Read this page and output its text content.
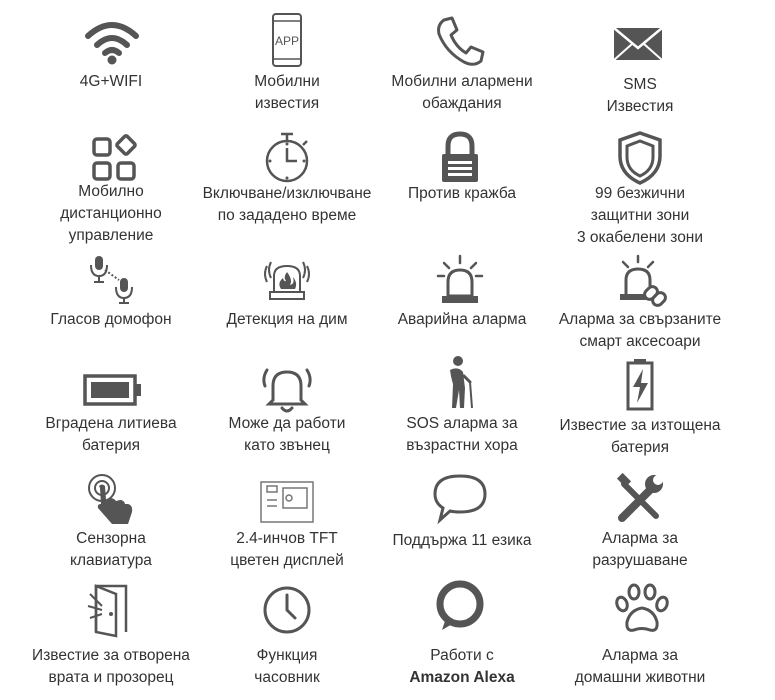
4G+WIFI
APP
Мобилни
известия
Мобилни алармени
обаждания
SMS
Известия
Мобилно
дистанционно
управление
Включване/изключване
по зададено време
Против кражба	99 безжични
защитни зони
3 окабелени зони
Гласов домофон	Детекция на дим	Аварийна аларма	Аларма за свързаните
смарт аксесоари
Вградена литиева
батерия
Може да работи
като звънец
SOS аларма за
възрастни хора
Известие за изтощена
батерия
Сензорна
клавиатура
2.4-инчов TFT
цветен дисплей
Поддържа 11 езика	Аларма за
разрушаване
Известие за отворена
врата и прозорец
Функция
часовник
Работи с
Amazon Alexa
Аларма за
домашни животни
